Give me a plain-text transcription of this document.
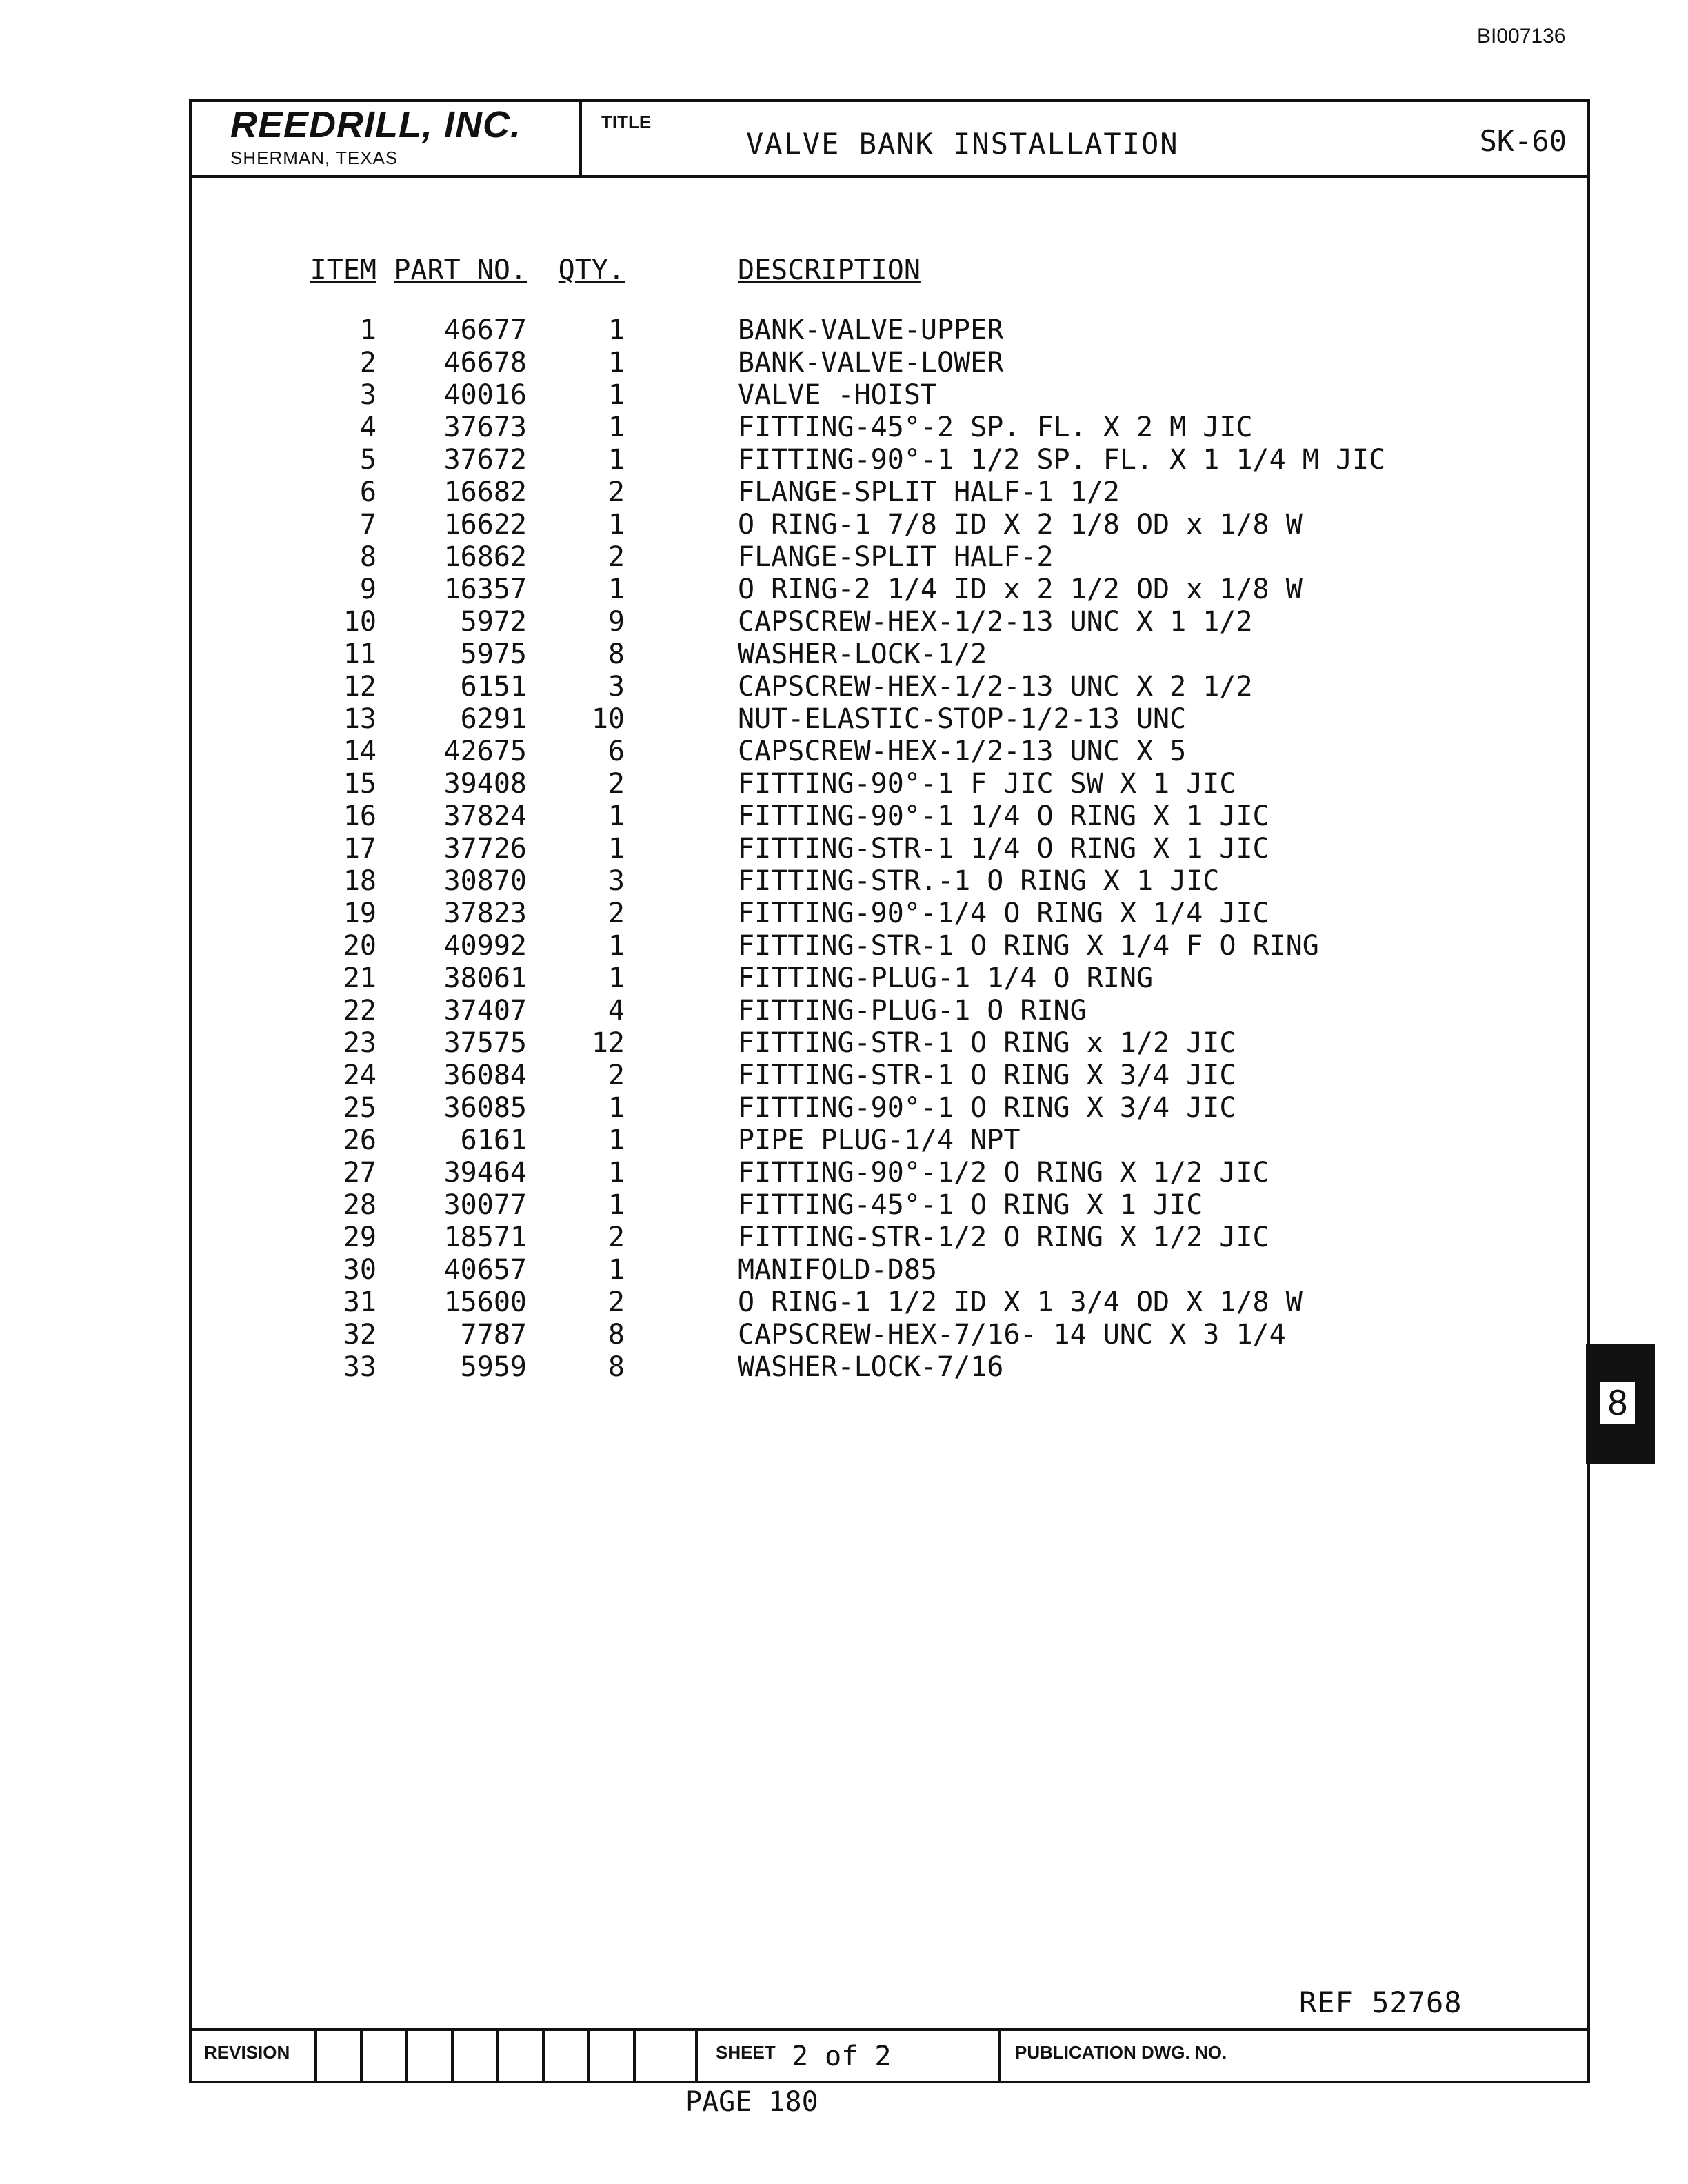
BI007136
REEDRILL, INC.
SHERMAN, TEXAS
TITLE
VALVE BANK INSTALLATION	SK-60
ITEM	PART NO.	QTY.	DESCRIPTION
1	46677	1	BANK-VALVE-UPPER
2	46678	1	BANK-VALVE-LOWER
3	40016	1	VALVE -HOIST
4	37673	1	FITTING-45°-2 SP. FL. X 2 M JIC
5	37672	1	FITTING-90°-1 1/2 SP. FL. X 1 1/4 M JIC
6	16682	2	FLANGE-SPLIT HALF-1 1/2
7	16622	1	O RING-1 7/8 ID X 2 1/8 OD x 1/8 W
8	16862	2	FLANGE-SPLIT HALF-2
9	16357	1	O RING-2 1/4 ID x 2 1/2 OD x 1/8 W
10	5972	9	CAPSCREW-HEX-1/2-13 UNC X 1 1/2
11	5975	8	WASHER-LOCK-1/2
12	6151	3	CAPSCREW-HEX-1/2-13 UNC X 2 1/2
13	6291	10	NUT-ELASTIC-STOP-1/2-13 UNC
14	42675	6	CAPSCREW-HEX-1/2-13 UNC X 5
15	39408	2	FITTING-90°-1 F JIC SW X 1 JIC
16	37824	1	FITTING-90°-1 1/4 O RING X 1 JIC
17	37726	1	FITTING-STR-1 1/4 O RING X 1 JIC
18	30870	3	FITTING-STR.-1 O RING X 1 JIC
19	37823	2	FITTING-90°-1/4 O RING X 1/4 JIC
20	40992	1	FITTING-STR-1 O RING X 1/4 F O RING
21	38061	1	FITTING-PLUG-1 1/4 O RING
22	37407	4	FITTING-PLUG-1 O RING
23	37575	12	FITTING-STR-1 O RING x 1/2 JIC
24	36084	2	FITTING-STR-1 O RING X 3/4 JIC
25	36085	1	FITTING-90°-1 O RING X 3/4 JIC
26	6161	1	PIPE PLUG-1/4 NPT
27	39464	1	FITTING-90°-1/2 O RING X 1/2 JIC
28	30077	1	FITTING-45°-1 O RING X 1 JIC
29	18571	2	FITTING-STR-1/2 O RING X 1/2 JIC
30	40657	1	MANIFOLD-D85
31	15600	2	O RING-1 1/2 ID X 1 3/4 OD X 1/8 W
32	7787	8	CAPSCREW-HEX-7/16- 14 UNC X 3 1/4
33	5959	8	WASHER-LOCK-7/16
REF 52768
REVISION	SHEET 2 of 2	PUBLICATION DWG. NO.
PAGE 180
8
